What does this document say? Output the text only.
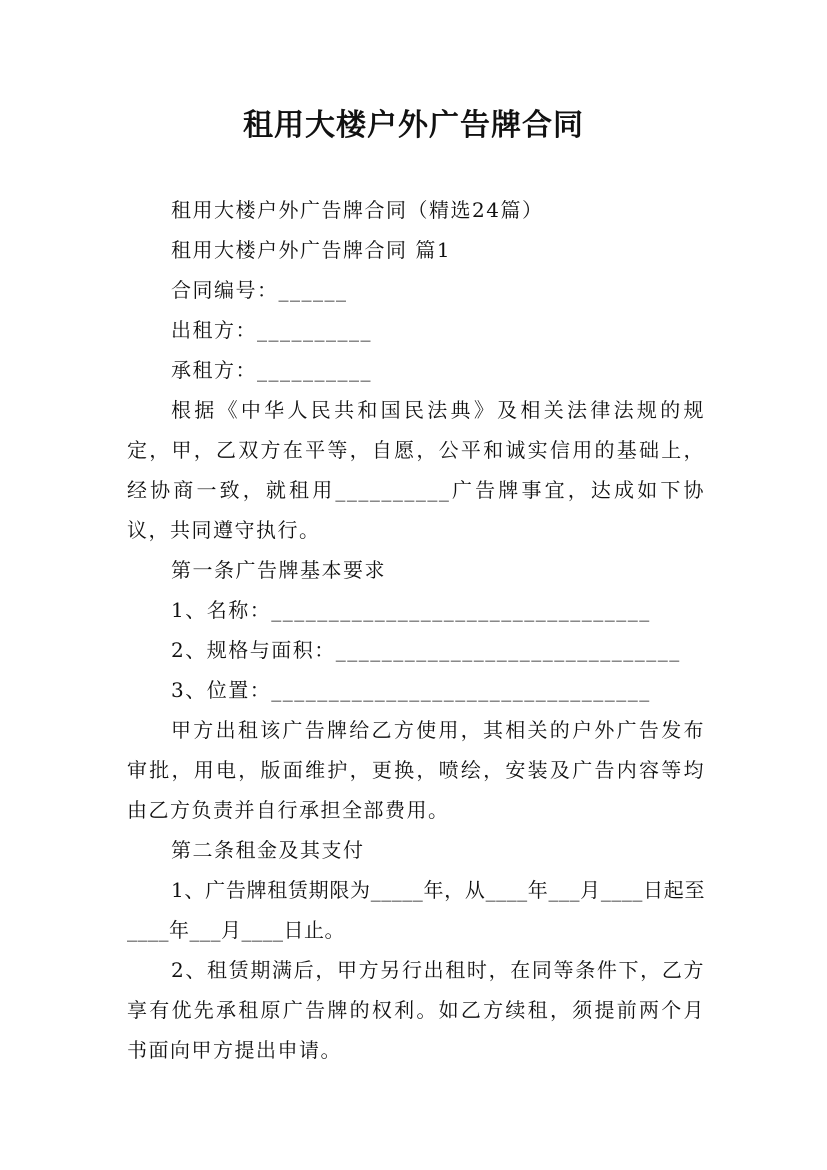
租用大楼户外广告牌合同

租用大楼户外广告牌合同（精选24篇）

租用大楼户外广告牌合同 篇1

合同编号：______

出租方：__________

承租方：__________

根据《中华人民共和国民法典》及相关法律法规的规定，甲，乙双方在平等，自愿，公平和诚实信用的基础上，经协商一致，就租用__________广告牌事宜，达成如下协议，共同遵守执行。

第一条广告牌基本要求

1、名称：_________________________________

2、规格与面积：______________________________

3、位置：_________________________________

甲方出租该广告牌给乙方使用，其相关的户外广告发布审批，用电，版面维护，更换，喷绘，安装及广告内容等均由乙方负责并自行承担全部费用。

第二条租金及其支付

1、广告牌租赁期限为_____年，从____年___月____日起至____年___月____日止。

2、租赁期满后，甲方另行出租时，在同等条件下，乙方享有优先承租原广告牌的权利。如乙方续租，须提前两个月书面向甲方提出申请。
